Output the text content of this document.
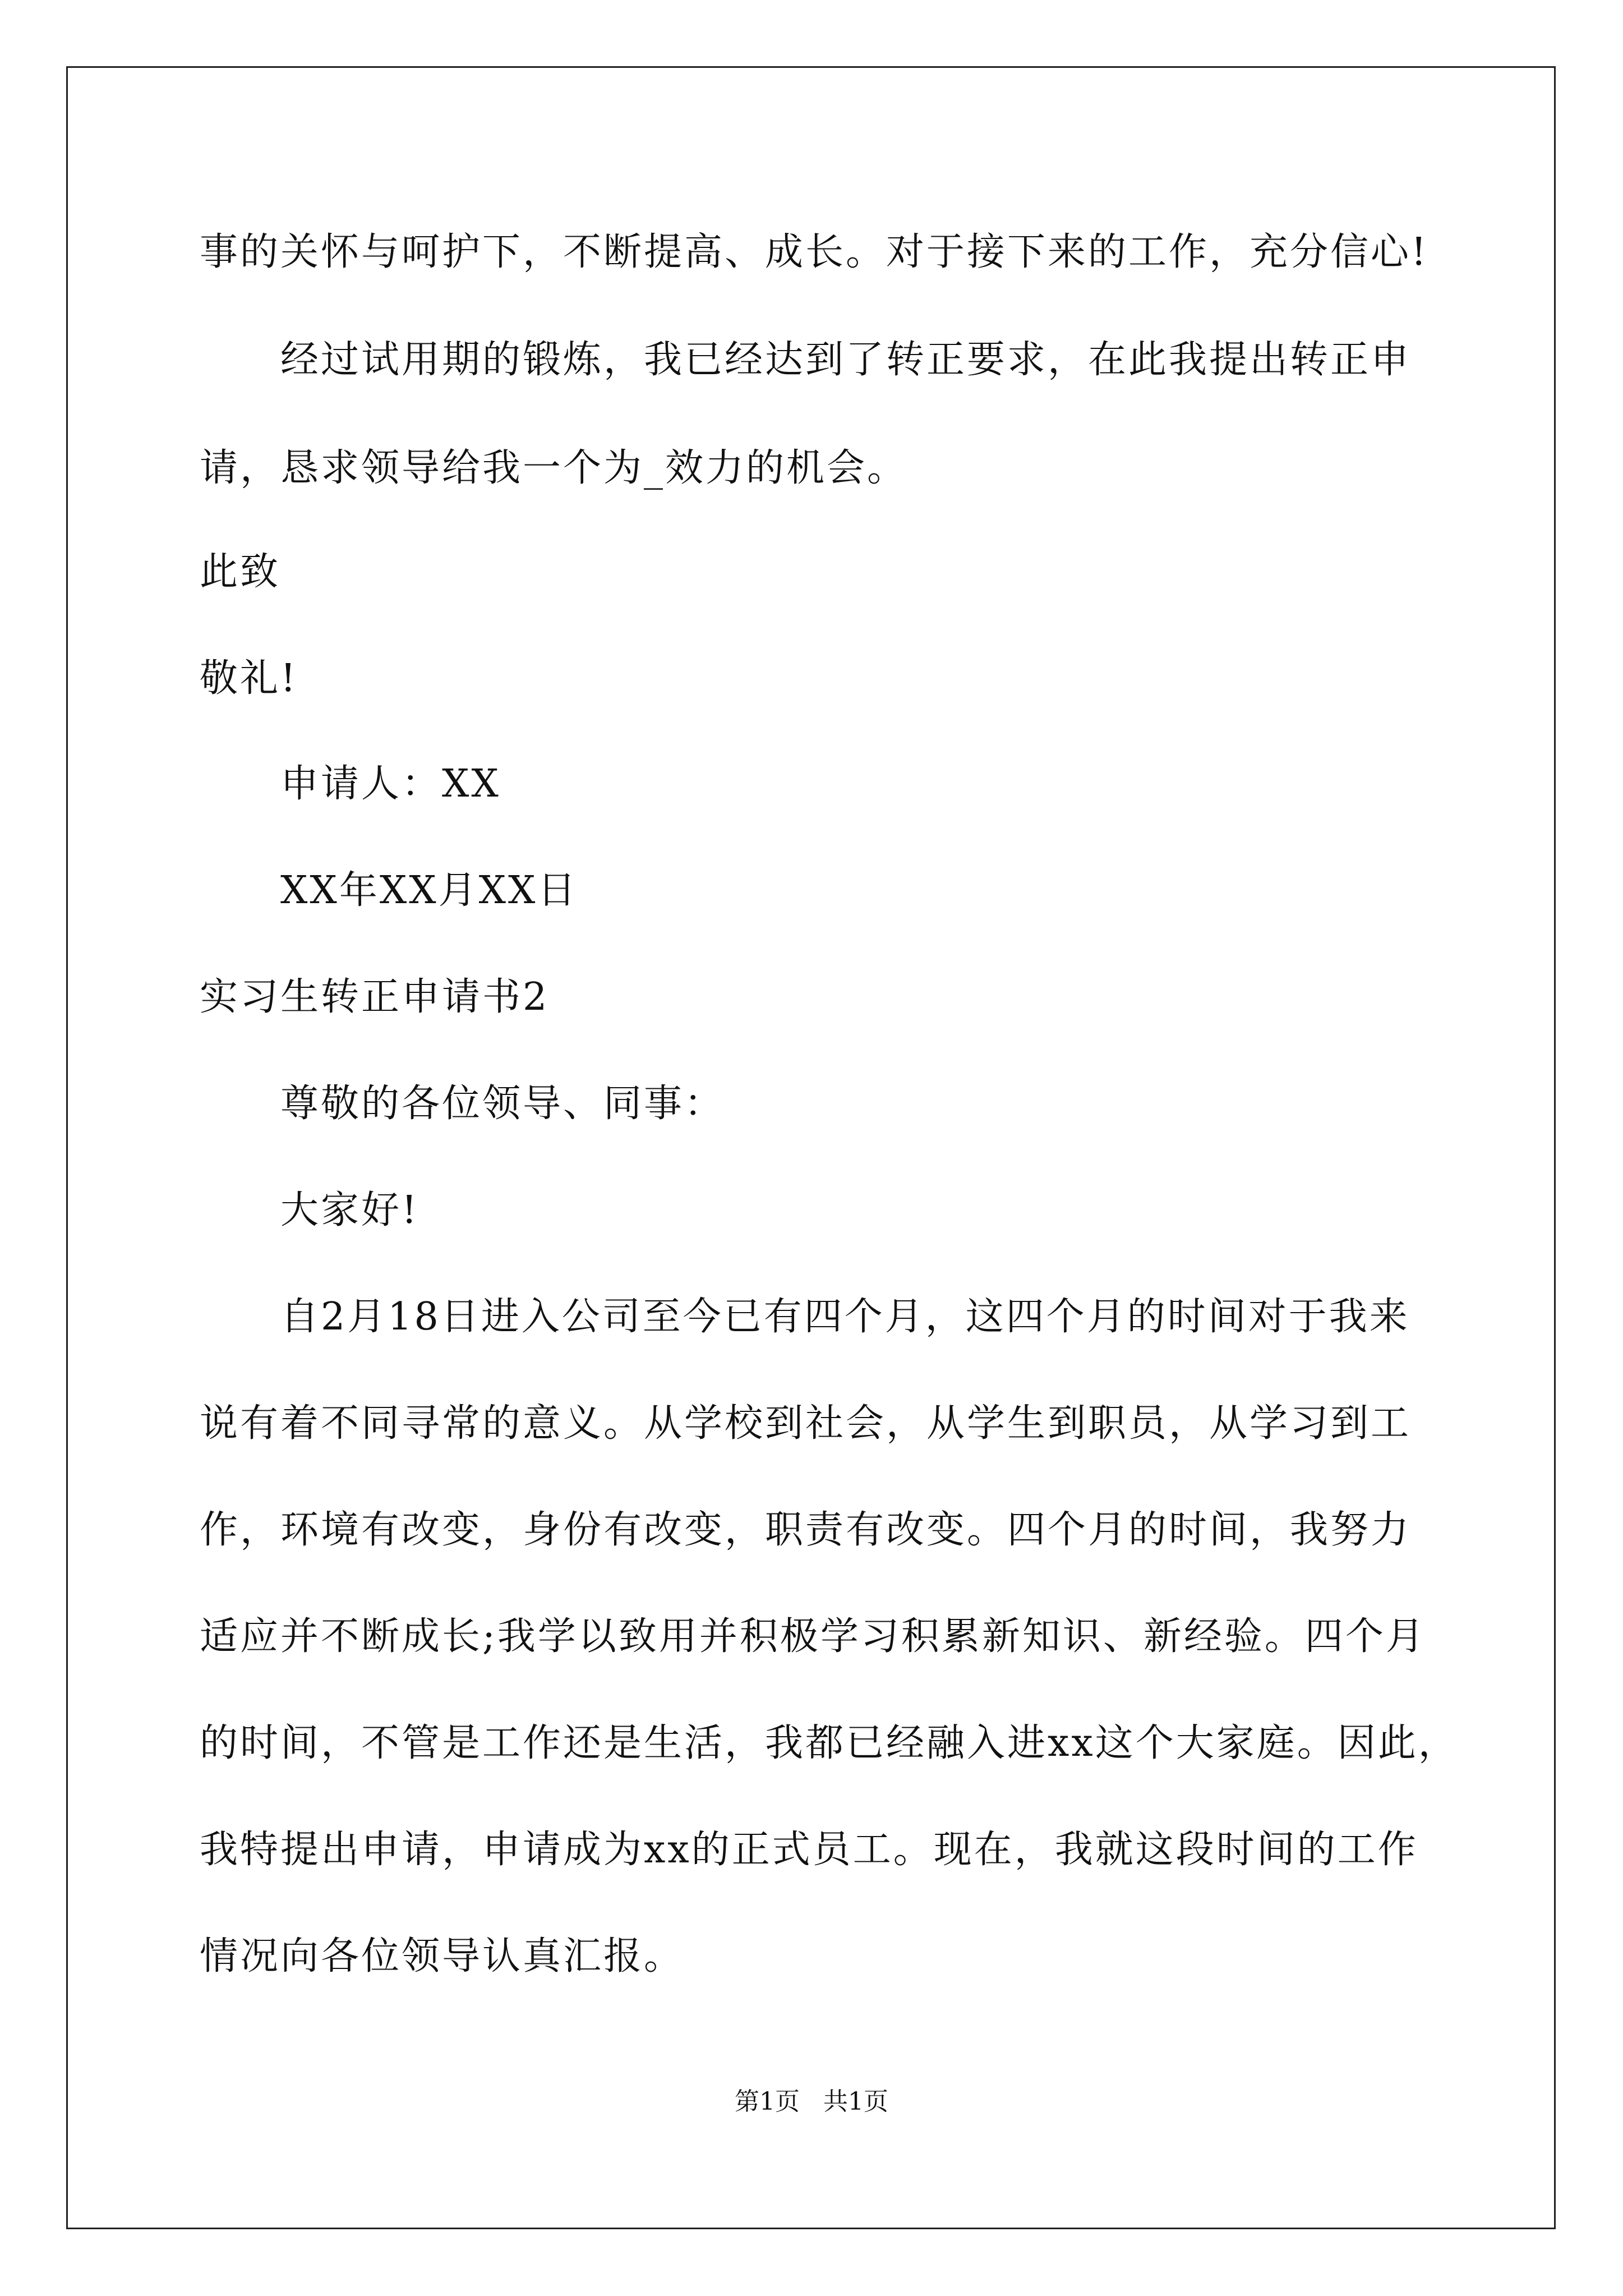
事的关怀与呵护下，不断提高、成长。对于接下来的工作，充分信心!
经过试用期的锻炼，我已经达到了转正要求，在此我提出转正申
请，恳求领导给我一个为_效力的机会。
此致
敬礼!
申请人：XX
XX年XX月XX日
实习生转正申请书2
尊敬的各位领导、同事：
大家好!
自2月18日进入公司至今已有四个月，这四个月的时间对于我来
说有着不同寻常的意义。从学校到社会，从学生到职员，从学习到工
作，环境有改变，身份有改变，职责有改变。四个月的时间，我努力
适应并不断成长;我学以致用并积极学习积累新知识、新经验。四个月
的时间，不管是工作还是生活，我都已经融入进xx这个大家庭。因此，
我特提出申请，申请成为xx的正式员工。现在，我就这段时间的工作
情况向各位领导认真汇报。
第1页   共1页
